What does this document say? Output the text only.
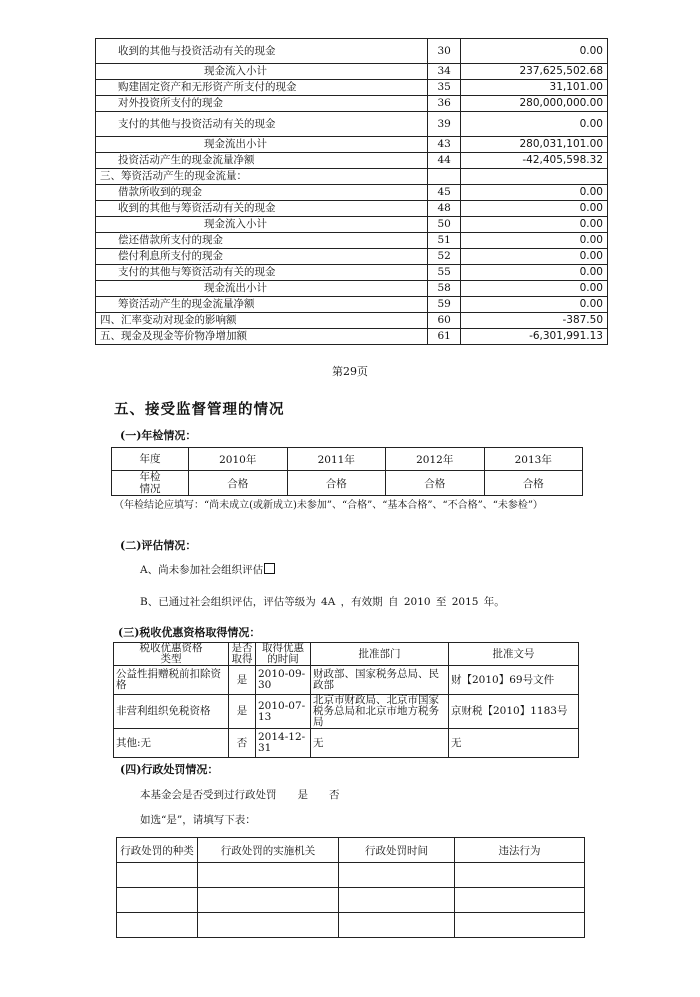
收到的其他与投资活动有关的现金	30	0.00
现金流入小计	34	237,625,502.68
购建固定资产和无形资产所支付的现金	35	31,101.00
对外投资所支付的现金	36	280,000,000.00
支付的其他与投资活动有关的现金	39	0.00
现金流出小计	43	280,031,101.00
投资活动产生的现金流量净额	44	-42,405,598.32
三、筹资活动产生的现金流量：		
借款所收到的现金	45	0.00
收到的其他与筹资活动有关的现金	48	0.00
现金流入小计	50	0.00
偿还借款所支付的现金	51	0.00
偿付利息所支付的现金	52	0.00
支付的其他与筹资活动有关的现金	55	0.00
现金流出小计	58	0.00
筹资活动产生的现金流量净额	59	0.00
四、汇率变动对现金的影响额	60	-387.50
五、现金及现金等价物净增加额	61	-6,301,991.13
第29页
五、接受监督管理的情况
(一)年检情况：
年度	2010年	2011年	2012年	2013年
年检情况	合格	合格	合格	合格
（年检结论应填写：“尚未成立(或新成立)未参加”、“合格”、“基本合格”、“不合格”、“未参检”）
(二)评估情况：
A、尚未参加社会组织评估
B、已通过社会组织评估，评估等级为 4A ，有效期 自 2010 至 2015 年。
(三)税收优惠资格取得情况：
税收优惠资格类型	是否取得	取得优惠的时间	批准部门	批准文号
公益性捐赠税前扣除资格	是	2010-09-30	财政部、国家税务总局、民政部	财【2010】69号文件
非营利组织免税资格	是	2010-07-13	北京市财政局、北京市国家税务总局和北京市地方税务局	京财税【2010】1183号
其他:无	否	2014-12-31	无	无
(四)行政处罚情况：
本基金会是否受到过行政处罚　　是　　否
如选“是”，请填写下表：
行政处罚的种类	行政处罚的实施机关	行政处罚时间	违法行为
